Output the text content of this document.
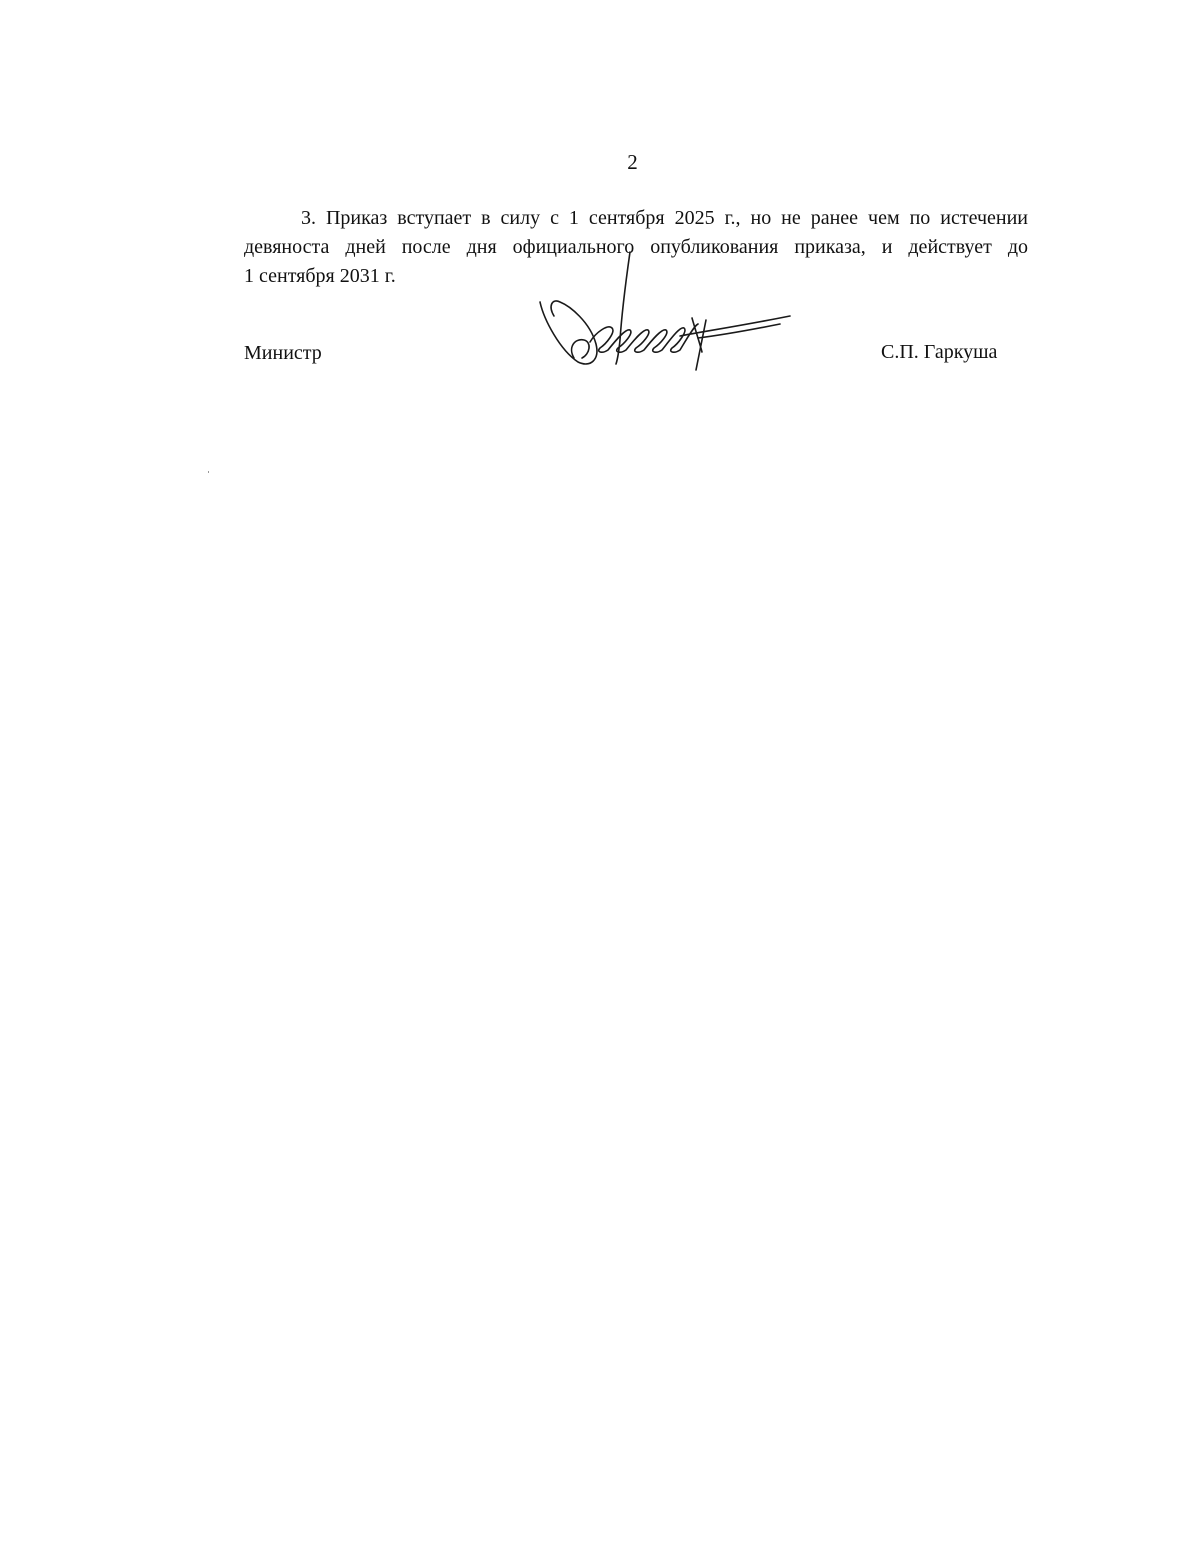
2
3. Приказ вступает в силу с 1 сентября 2025 г., но не ранее чем по истечении
девяноста дней после дня официального опубликования приказа, и действует до
1 сентября 2031 г.
Министр	С.П. Гаркуша
